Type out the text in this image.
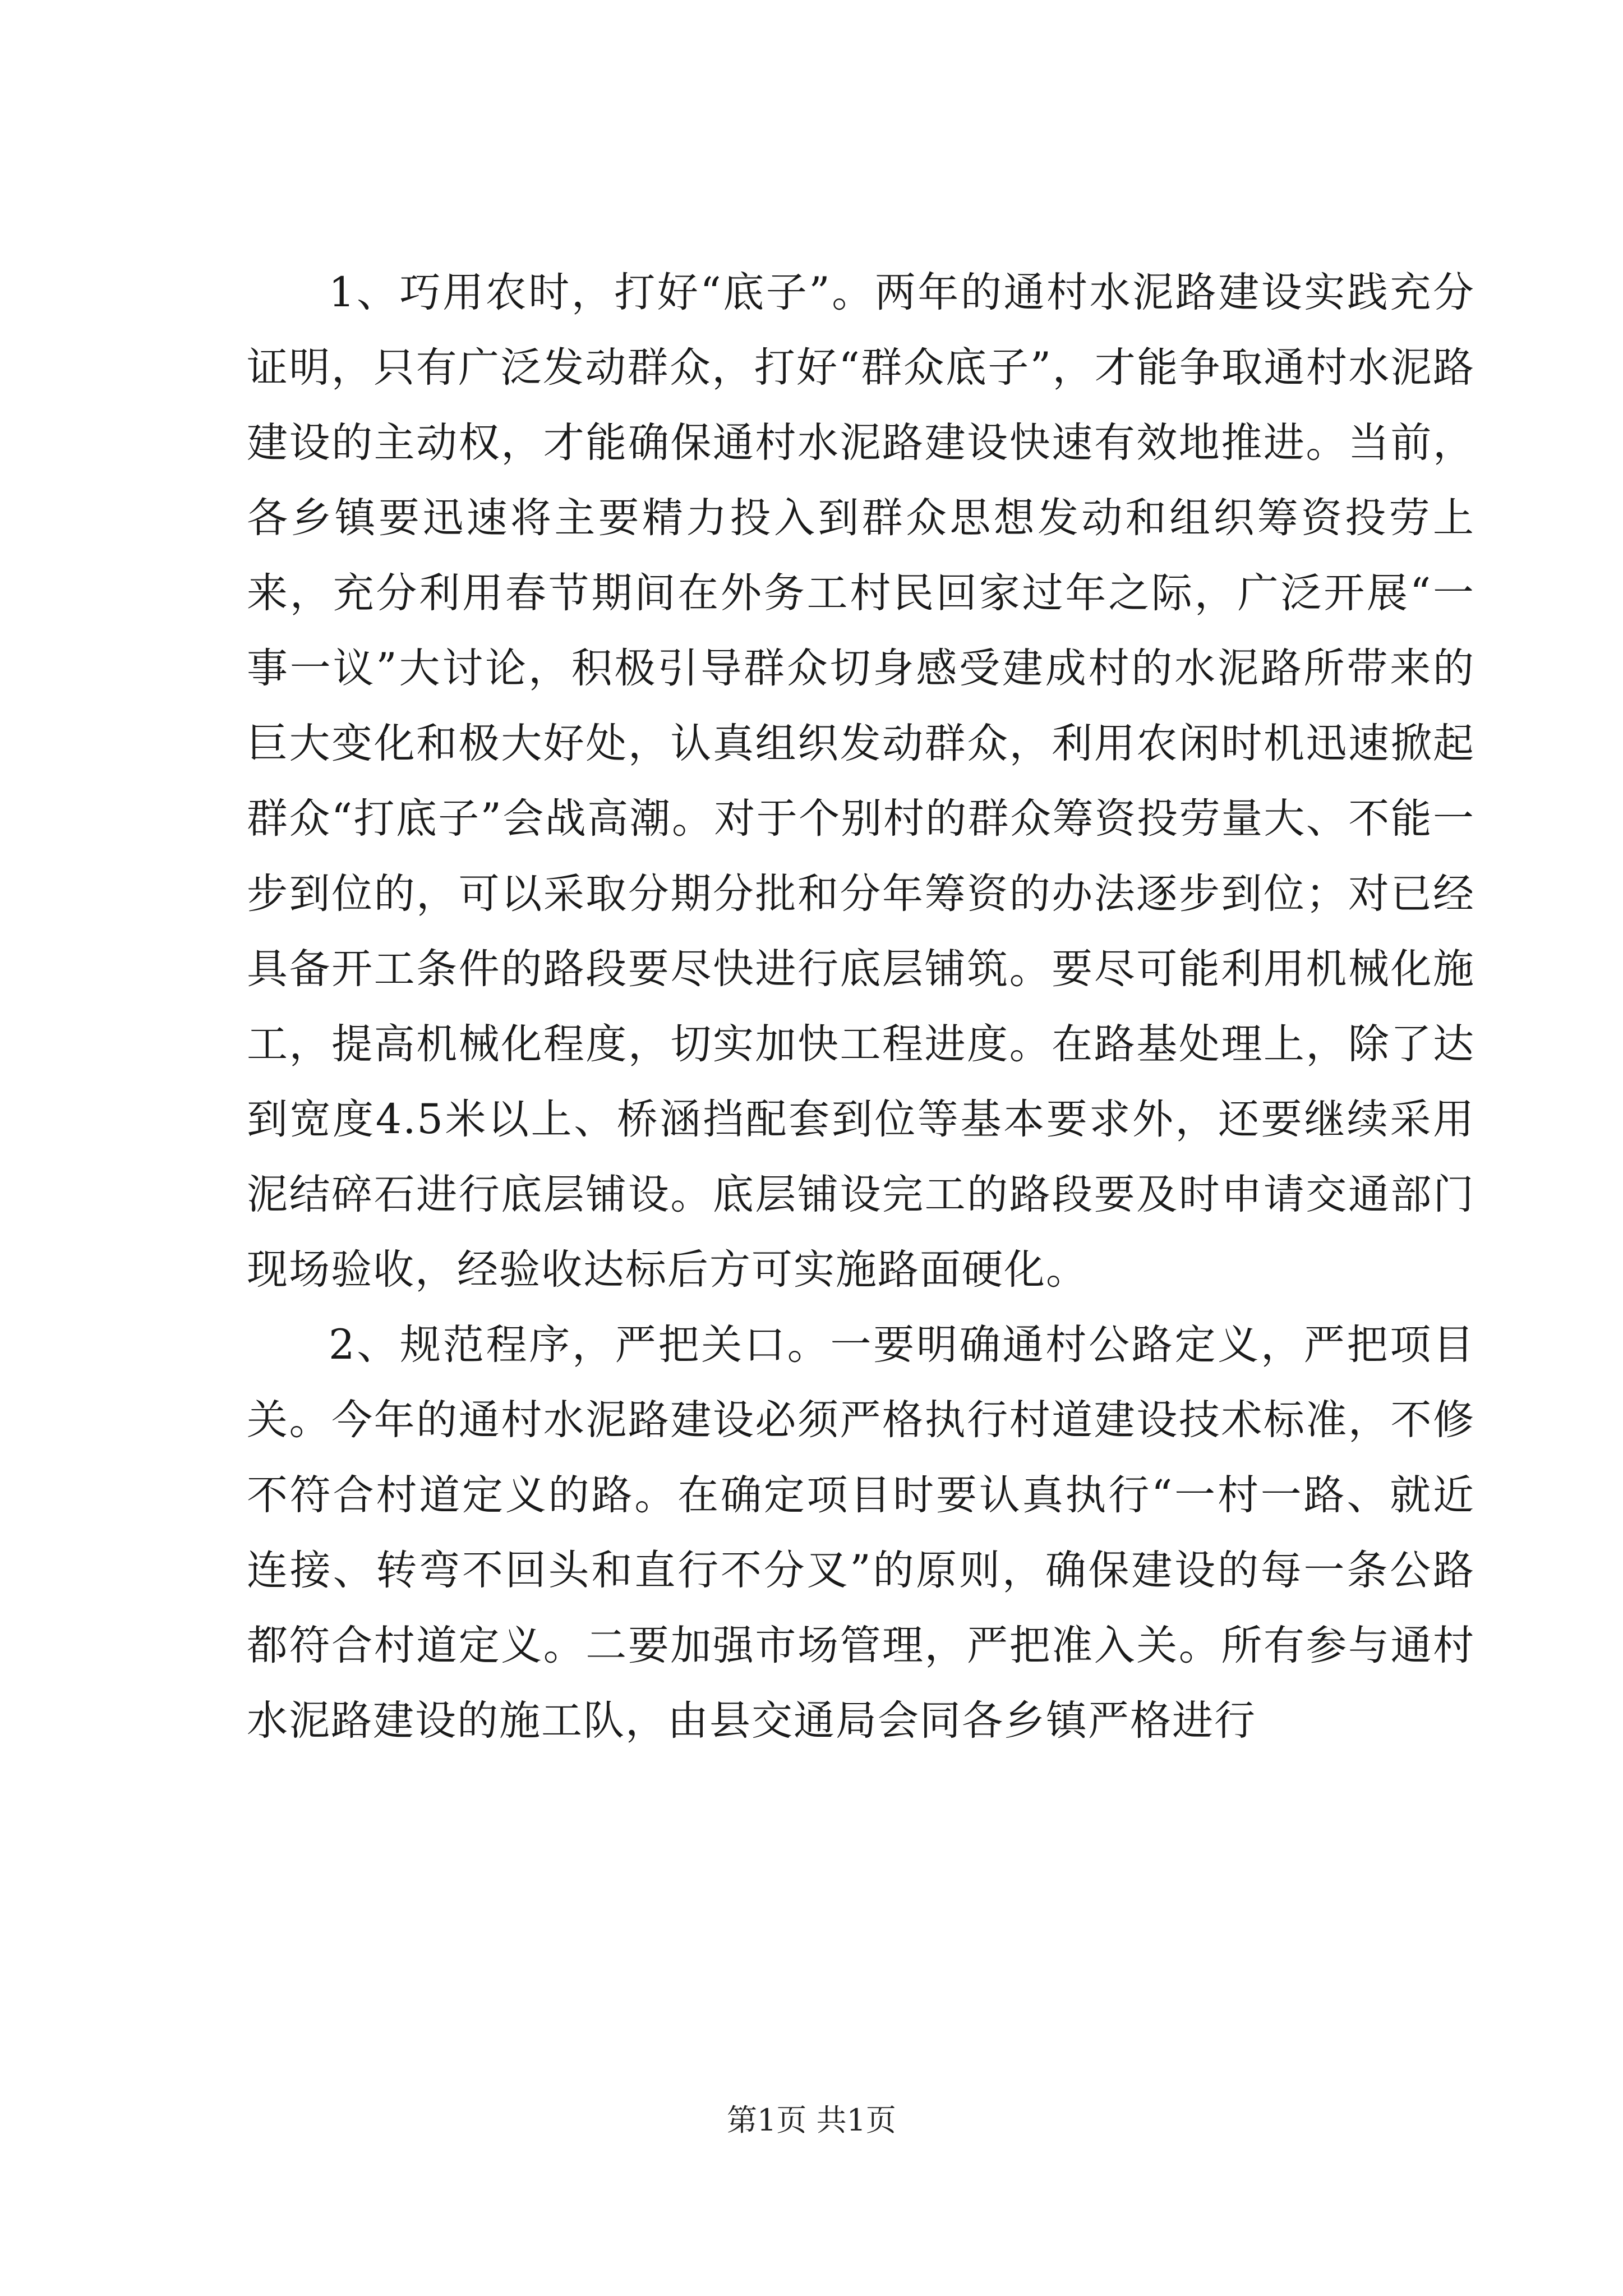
1、巧用农时，打好“底子”。两年的通村水泥路建设实践充分证明，只有广泛发动群众，打好“群众底子”，才能争取通村水泥路建设的主动权，才能确保通村水泥路建设快速有效地推进。当前，各乡镇要迅速将主要精力投入到群众思想发动和组织筹资投劳上来，充分利用春节期间在外务工村民回家过年之际，广泛开展“一事一议”大讨论，积极引导群众切身感受建成村的水泥路所带来的巨大变化和极大好处，认真组织发动群众，利用农闲时机迅速掀起群众“打底子”会战高潮。对于个别村的群众筹资投劳量大、不能一步到位的，可以采取分期分批和分年筹资的办法逐步到位；对已经具备开工条件的路段要尽快进行底层铺筑。要尽可能利用机械化施工，提高机械化程度，切实加快工程进度。在路基处理上，除了达到宽度4.5米以上、桥涵挡配套到位等基本要求外，还要继续采用泥结碎石进行底层铺设。底层铺设完工的路段要及时申请交通部门现场验收，经验收达标后方可实施路面硬化。

2、规范程序，严把关口。一要明确通村公路定义，严把项目关。今年的通村水泥路建设必须严格执行村道建设技术标准，不修不符合村道定义的路。在确定项目时要认真执行“一村一路、就近连接、转弯不回头和直行不分叉”的原则，确保建设的每一条公路都符合村道定义。二要加强市场管理，严把准入关。所有参与通村水泥路建设的施工队，由县交通局会同各乡镇严格进行

第1页 共1页
